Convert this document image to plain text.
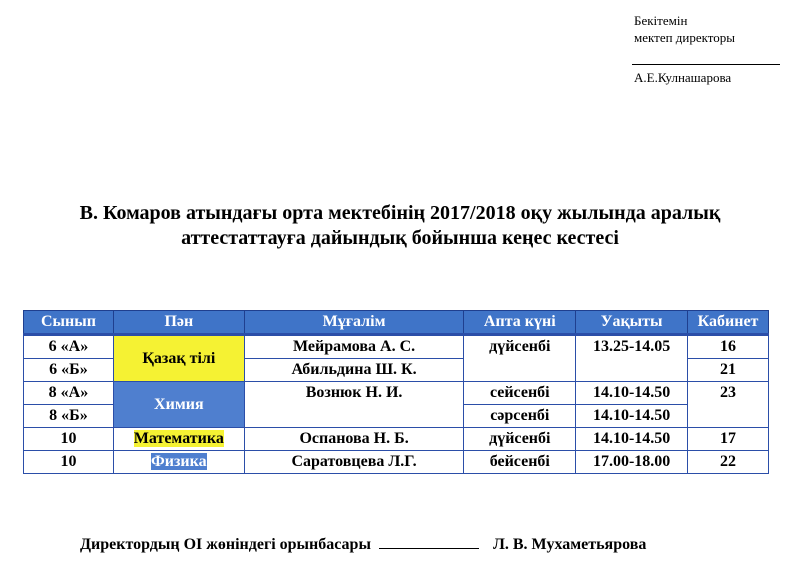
Бекітемін
мектеп директоры
А.Е.Кулнашарова
В. Комаров атындағы орта мектебінің 2017/2018 оқу жылында аралық
аттестаттауға дайындық бойынша кеңес кестесі
Сынып	Пән	Мұғалім	Апта күні	Уақыты	Кабинет
6 «А»	Қазақ тілі	Мейрамова А. С.	дүйсенбі	13.25-14.05	16
6 «Б»		Абильдина Ш. К.			21
8 «А»	Химия	Вознюк Н. И.	сейсенбі	14.10-14.50	23
8 «Б»			сәрсенбі	14.10-14.50	
10	Математика	Оспанова Н. Б.	дүйсенбі	14.10-14.50	17
10	Физика	Саратовцева Л.Г.	бейсенбі	17.00-18.00	22
Директордың ОІ жөніндегі орынбасары	Л. В. Мухаметьярова
